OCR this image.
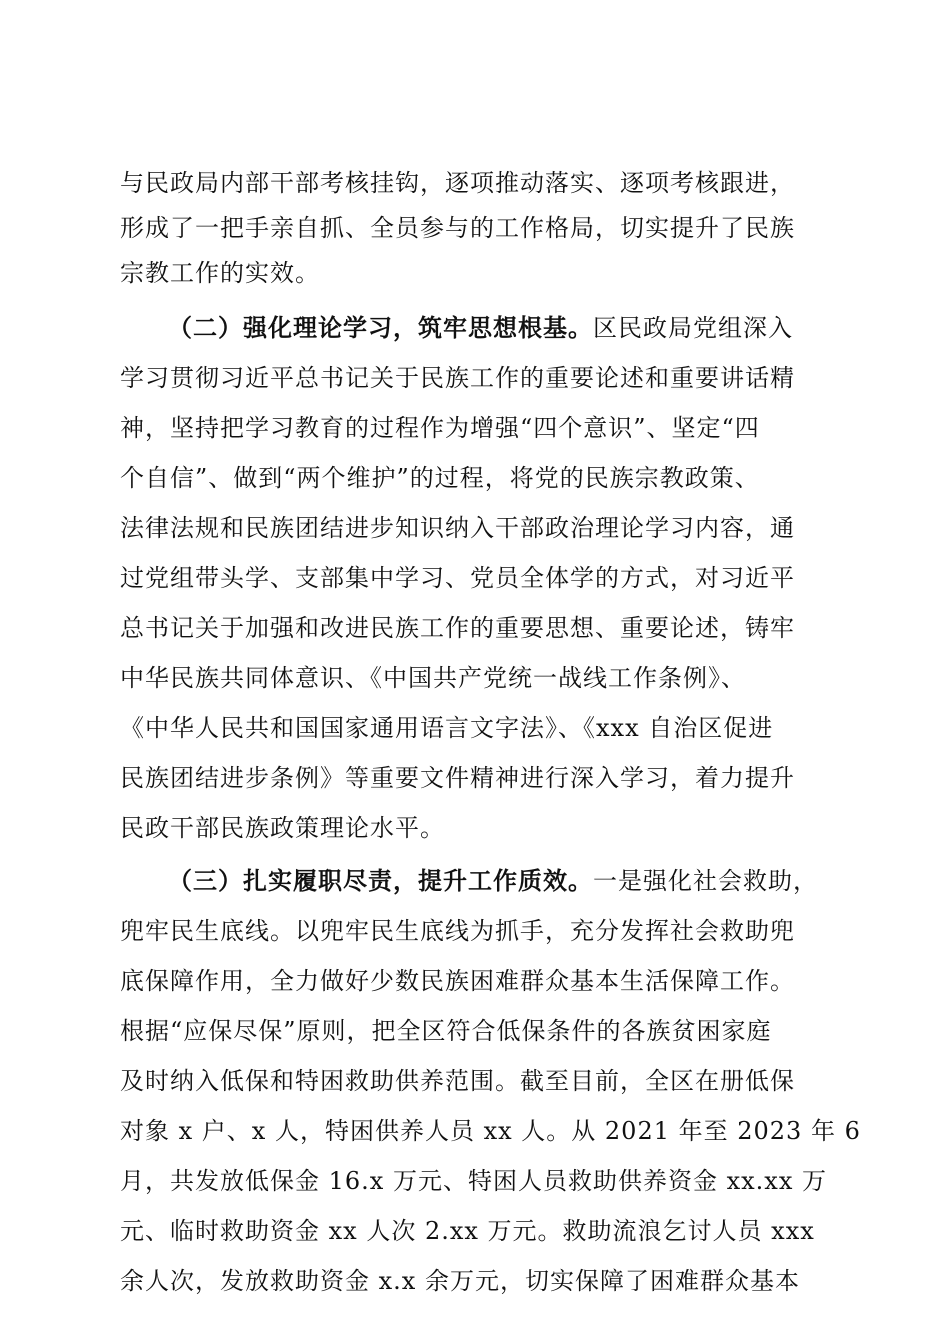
与民政局内部干部考核挂钩，逐项推动落实、逐项考核跟进，
形成了一把手亲自抓、全员参与的工作格局，切实提升了民族
宗教工作的实效。
（二）强化理论学习，筑牢思想根基。区民政局党组深入
学习贯彻习近平总书记关于民族工作的重要论述和重要讲话精
神，坚持把学习教育的过程作为增强“四个意识”、坚定“四
个自信”、做到“两个维护”的过程，将党的民族宗教政策、
法律法规和民族团结进步知识纳入干部政治理论学习内容，通
过党组带头学、支部集中学习、党员全体学的方式，对习近平
总书记关于加强和改进民族工作的重要思想、重要论述，铸牢
中华民族共同体意识、《中国共产党统一战线工作条例》、
《中华人民共和国国家通用语言文字法》、《xxx 自治区促进
民族团结进步条例》等重要文件精神进行深入学习，着力提升
民政干部民族政策理论水平。
（三）扎实履职尽责，提升工作质效。一是强化社会救助，
兜牢民生底线。以兜牢民生底线为抓手，充分发挥社会救助兜
底保障作用，全力做好少数民族困难群众基本生活保障工作。
根据“应保尽保”原则，把全区符合低保条件的各族贫困家庭
及时纳入低保和特困救助供养范围。截至目前，全区在册低保
对象 x 户、x 人，特困供养人员 xx 人。从 2021 年至 2023 年 6
月，共发放低保金 16.x 万元、特困人员救助供养资金 xx.xx 万
元、临时救助资金 xx 人次 2.xx 万元。救助流浪乞讨人员 xxx
余人次，发放救助资金 x.x 余万元，切实保障了困难群众基本
